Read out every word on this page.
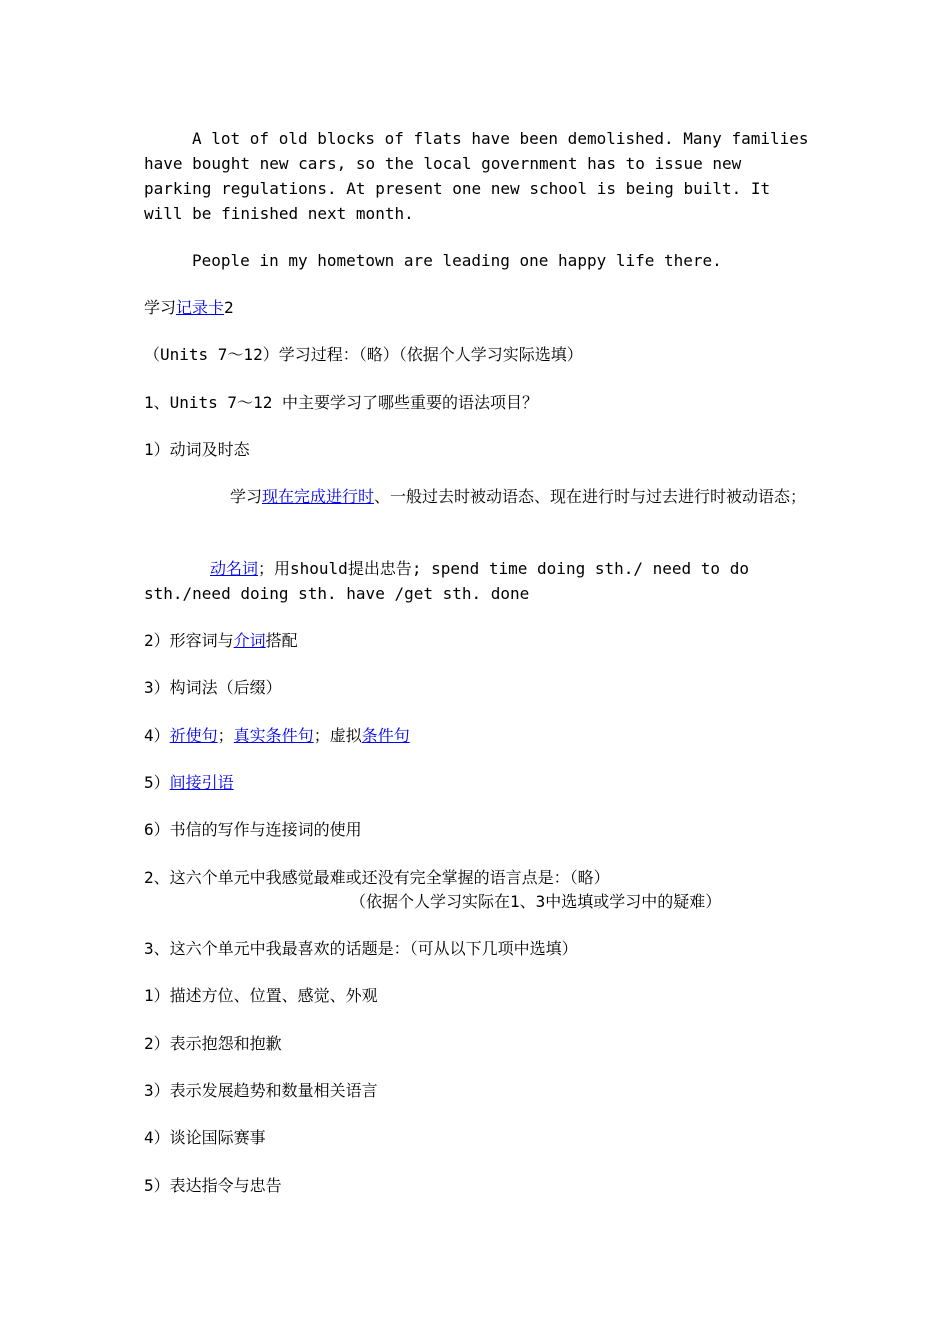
A lot of old blocks of flats have been demolished. Many families have bought new cars, so the local government has to issue new parking regulations. At present one new school is being built. It will be finished next month.
People in my hometown are leading one happy life there.
学习记录卡2
（Units 7～12）学习过程：（略）（依据个人学习实际选填）
1、Units 7～12 中主要学习了哪些重要的语法项目？
1）动词及时态
学习现在完成进行时、一般过去时被动语态、现在进行时与过去进行时被动语态；
动名词；用should提出忠告; spend time doing sth./ need to do sth./need doing sth. have /get sth. done
2）形容词与介词搭配
3）构词法（后缀）
4）祈使句；真实条件句；虚拟条件句
5）间接引语
6）书信的写作与连接词的使用
2、这六个单元中我感觉最难或还没有完全掌握的语言点是：（略）
（依据个人学习实际在1、3中选填或学习中的疑难）
3、这六个单元中我最喜欢的话题是：（可从以下几项中选填）
1）描述方位、位置、感觉、外观
2）表示抱怨和抱歉
3）表示发展趋势和数量相关语言
4）谈论国际赛事
5）表达指令与忠告
